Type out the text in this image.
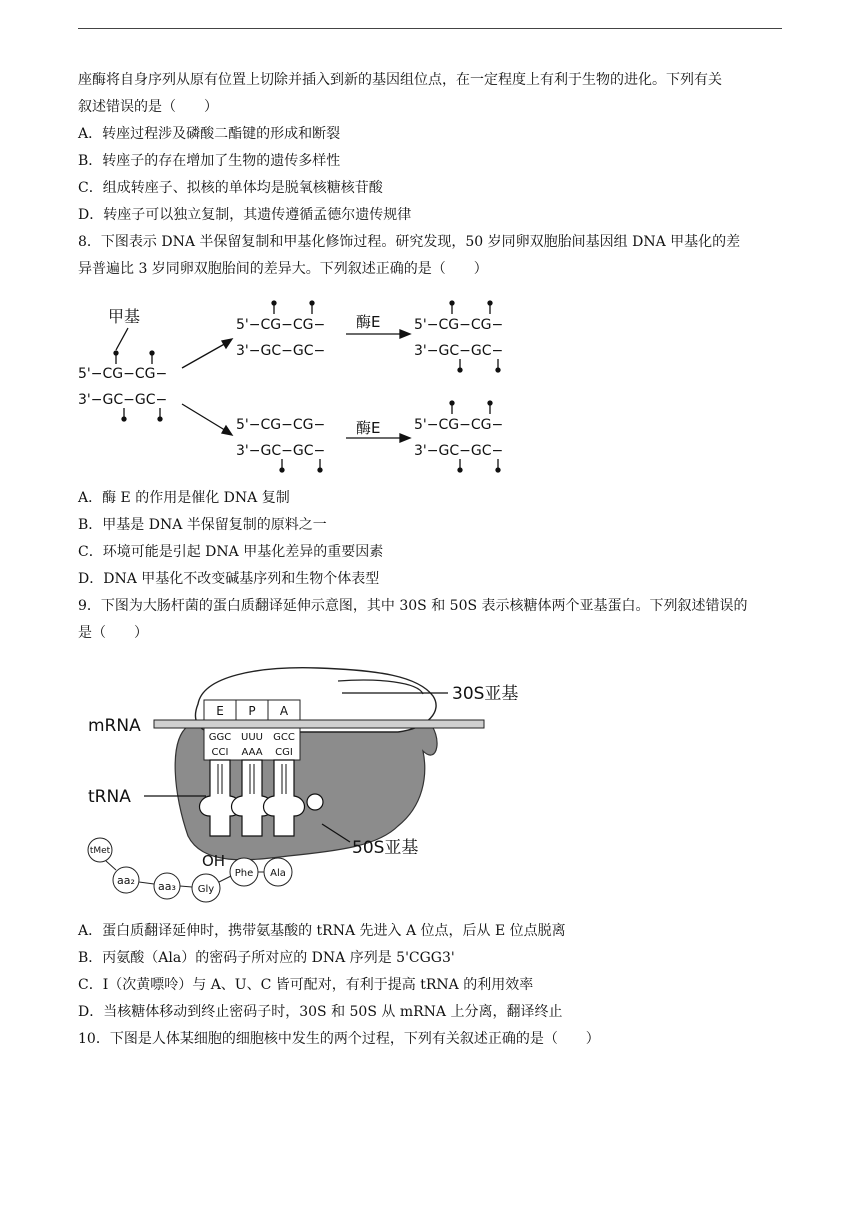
座酶将自身序列从原有位置上切除并插入到新的基因组位点，在一定程度上有利于生物的进化。下列有关
叙述错误的是（　　）
A．转座过程涉及磷酸二酯键的形成和断裂
B．转座子的存在增加了生物的遗传多样性
C．组成转座子、拟核的单体均是脱氧核糖核苷酸
D．转座子可以独立复制，其遗传遵循孟德尔遗传规律
8．下图表示 DNA 半保留复制和甲基化修饰过程。研究发现，50 岁同卵双胞胎间基因组 DNA 甲基化的差
异普遍比 3 岁同卵双胞胎间的差异大。下列叙述正确的是（　　）
甲基
5'−CG−CG−
3'−GC−GC−
5'−CG−CG−
3'−GC−GC−
酶E 5'−CG−CG−
3'−GC−GC−
5'−CG−CG−
3'−GC−GC−
酶E 5'−CG−CG−
3'−GC−GC−
A．酶 E 的作用是催化 DNA 复制
B．甲基是 DNA 半保留复制的原料之一
C．环境可能是引起 DNA 甲基化差异的重要因素
D．DNA 甲基化不改变碱基序列和生物个体表型
9．下图为大肠杆菌的蛋白质翻译延伸示意图，其中 30S 和 50S 表示核糖体两个亚基蛋白。下列叙述错误的
是（　　）
E P A
GGC UUU GCC
CCI AAA CGI
30S亚基
mRNA
tRNA
50S亚基
OH
tMet
aa₂ aa₃ Gly
Phe Ala
A．蛋白质翻译延伸时，携带氨基酸的 tRNA 先进入 A 位点，后从 E 位点脱离
B．丙氨酸（Ala）的密码子所对应的 DNA 序列是 5'CGG3'
C．I（次黄嘌呤）与 A、U、C 皆可配对，有利于提高 tRNA 的利用效率
D．当核糖体移动到终止密码子时，30S 和 50S 从 mRNA 上分离，翻译终止
10．下图是人体某细胞的细胞核中发生的两个过程，下列有关叙述正确的是（　　）
